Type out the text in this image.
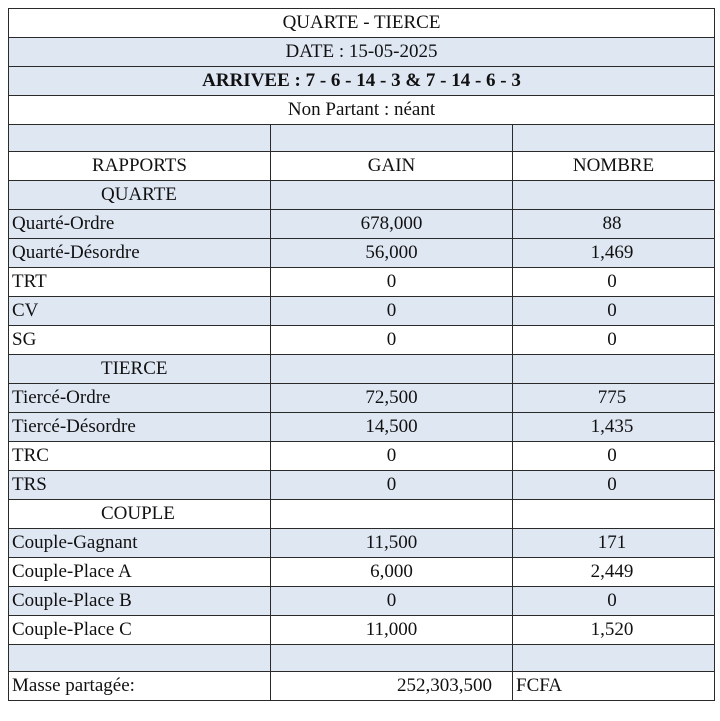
QUARTE - TIERCE		
DATE : 15-05-2025		
ARRIVEE : 7 - 6 - 14 - 3 & 7 - 14 - 6 - 3		
Non Partant : néant		

RAPPORTS	GAIN	NOMBRE
QUARTE		
Quarté-Ordre	678,000	88
Quarté-Désordre	56,000	1,469
TRT	0	0
CV	0	0
SG	0	0
TIERCE		
Tiercé-Ordre	72,500	775
Tiercé-Désordre	14,500	1,435
TRC	0	0
TRS	0	0
COUPLE		
Couple-Gagnant	11,500	171
Couple-Place A	6,000	2,449
Couple-Place B	0	0
Couple-Place C	11,000	1,520

Masse partagée:	252,303,500	FCFA
